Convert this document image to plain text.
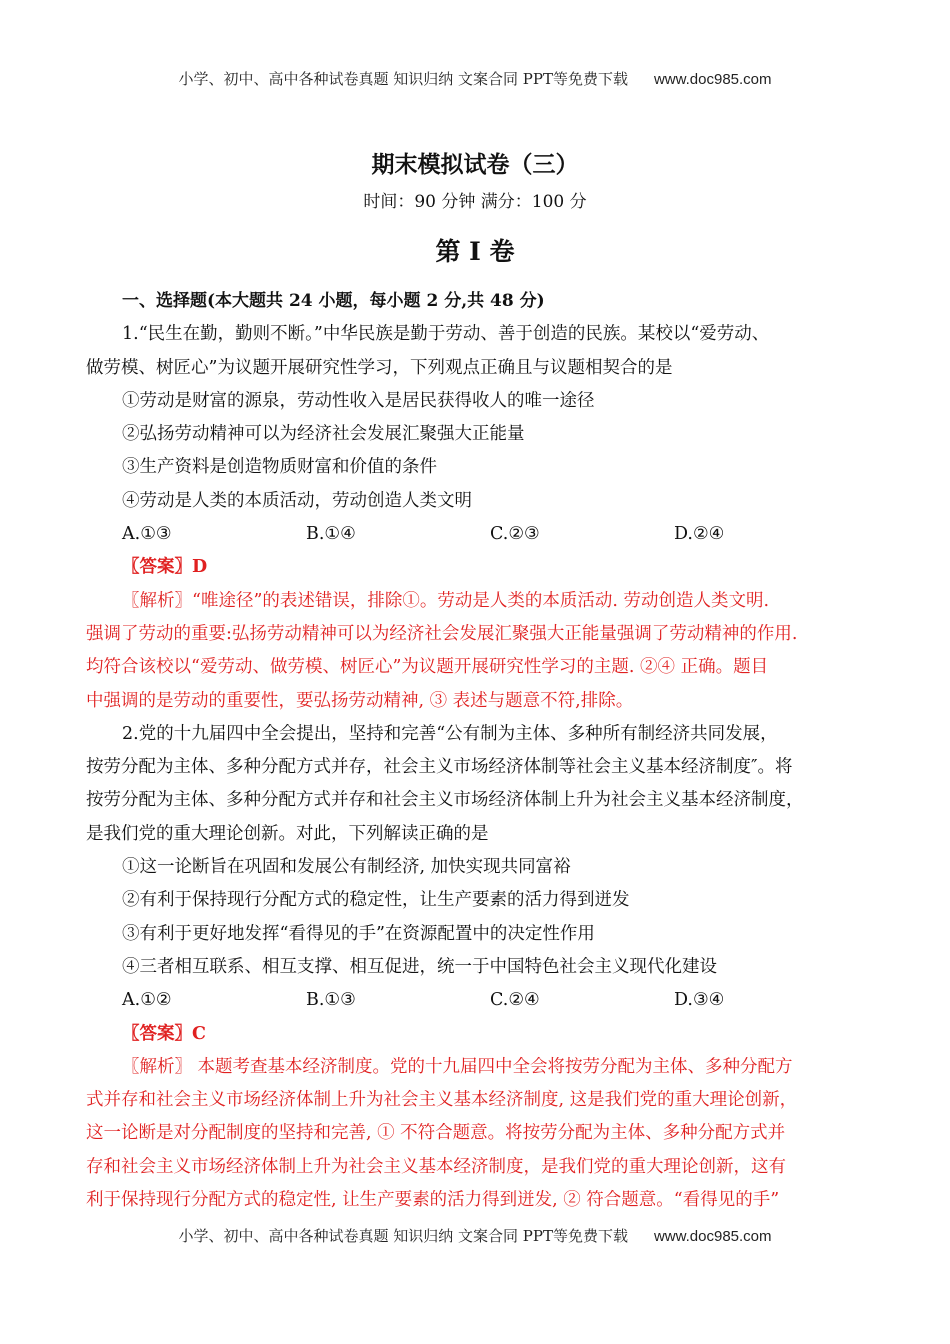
小学、初中、高中各种试卷真题 知识归纳 文案合同 PPT等免费下载 www.doc985.com
期末模拟试卷（三）
时间：90 分钟 满分：100 分
第 I 卷
一、选择题(本大题共 24 小题，每小题 2 分,共 48 分)
1.“民生在勤，勤则不断。”中华民族是勤于劳动、善于创造的民族。某校以“爱劳动、
做劳模、树匠心”为议题开展研究性学习，下列观点正确且与议题相契合的是
①劳动是财富的源泉，劳动性收入是居民获得收人的唯一途径
②弘扬劳动精神可以为经济社会发展汇聚强大正能量
③生产资料是创造物质财富和价值的条件
④劳动是人类的本质活动，劳动创造人类文明
A.①③	B.①④	C.②③	D.②④
〖答案〗D
〖解析〗“唯途径”的表述错误，排除①。劳动是人类的本质活动. 劳动创造人类文明.
强调了劳动的重要:弘扬劳动精神可以为经济社会发展汇聚强大正能量强调了劳动精神的作用.
均符合该校以“爱劳动、做劳模、树匠心”为议题开展研究性学习的主题. ②④ 正确。题目
中强调的是劳动的重要性，要弘扬劳动精神, ③ 表述与题意不符,排除。
2.党的十九届四中全会提出，坚持和完善“公有制为主体、多种所有制经济共同发展，
按劳分配为主体、多种分配方式并存，社会主义市场经济体制等社会主义基本经济制度″。将
按劳分配为主体、多种分配方式并存和社会主义市场经济体制上升为社会主义基本经济制度，
是我们党的重大理论创新。对此，下列解读正确的是
①这一论断旨在巩固和发展公有制经济, 加快实现共同富裕
②有利于保持现行分配方式的稳定性，让生产要素的活力得到迸发
③有利于更好地发挥“看得见的手”在资源配置中的决定性作用
④三者相互联系、相互支撑、相互促进，统一于中国特色社会主义现代化建设
A.①②	B.①③	C.②④	D.③④
〖答案〗C
〖解析〗 本题考查基本经济制度。党的十九届四中全会将按劳分配为主体、多种分配方
式并存和社会主义市场经济体制上升为社会主义基本经济制度, 这是我们党的重大理论创新，
这一论断是对分配制度的坚持和完善, ① 不符合题意。将按劳分配为主体、多种分配方式并
存和社会主义市场经济体制上升为社会主义基本经济制度，是我们党的重大理论创新，这有
利于保持现行分配方式的稳定性, 让生产要素的活力得到迸发, ② 符合题意。“看得见的手”
小学、初中、高中各种试卷真题 知识归纳 文案合同 PPT等免费下载 www.doc985.com
